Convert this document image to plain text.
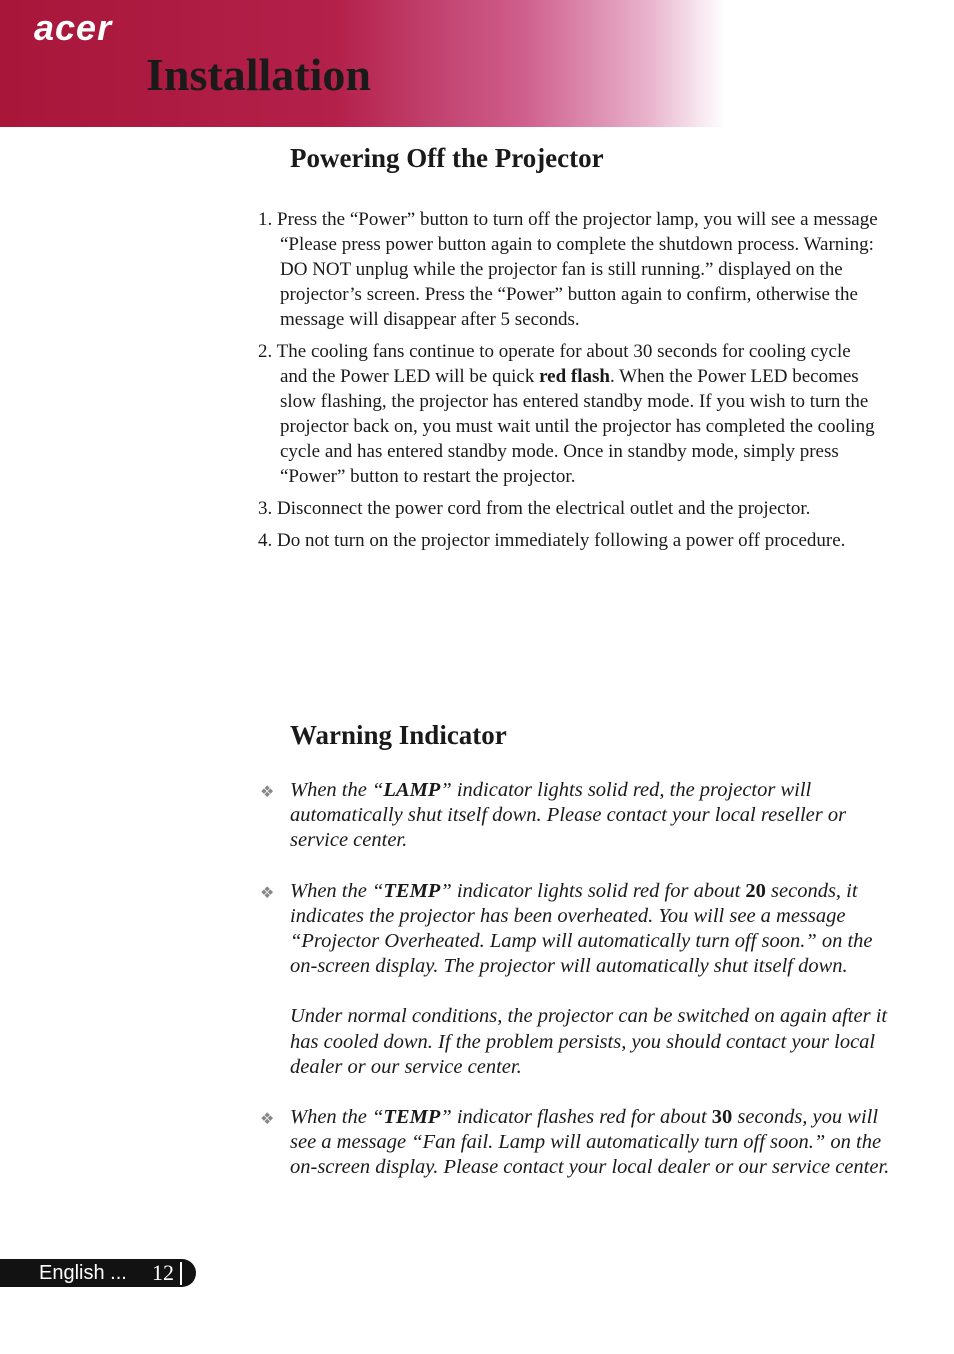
acer
Installation
Powering Off the Projector

1. Press the “Power” button to turn off the projector lamp, you will see a message “Please press power button again to complete the shutdown process. Warning: DO NOT unplug while the projector fan is still running.” displayed on the projector’s screen. Press the “Power” button again to confirm, otherwise the message will disappear after 5 seconds.

2. The cooling fans continue to operate for about 30 seconds for cooling cycle and the Power LED will be quick red flash. When the Power LED becomes slow flashing, the projector has entered standby mode. If you wish to turn the projector back on, you must wait until the projector has completed the cooling cycle and has entered standby mode. Once in standby mode, simply press “Power” button to restart the projector.

3. Disconnect the power cord from the electrical outlet and the projector.

4. Do not turn on the projector immediately following a power off procedure.

Warning Indicator
❖ When the “LAMP” indicator lights solid red, the projector will automatically shut itself down. Please contact your local reseller or service center.

❖ When the “TEMP” indicator lights solid red for about 20 seconds, it indicates the projector has been overheated. You will see a message “Projector Overheated. Lamp will automatically turn off soon.” on the on-screen display. The projector will automatically shut itself down.

Under normal conditions, the projector can be switched on again after it has cooled down. If the problem persists, you should contact your local dealer or our service center.

❖ When the “TEMP” indicator flashes red for about 30 seconds, you will see a message “Fan fail. Lamp will automatically turn off soon.” on the on-screen display. Please contact your local dealer or our service center.

English ... 12
